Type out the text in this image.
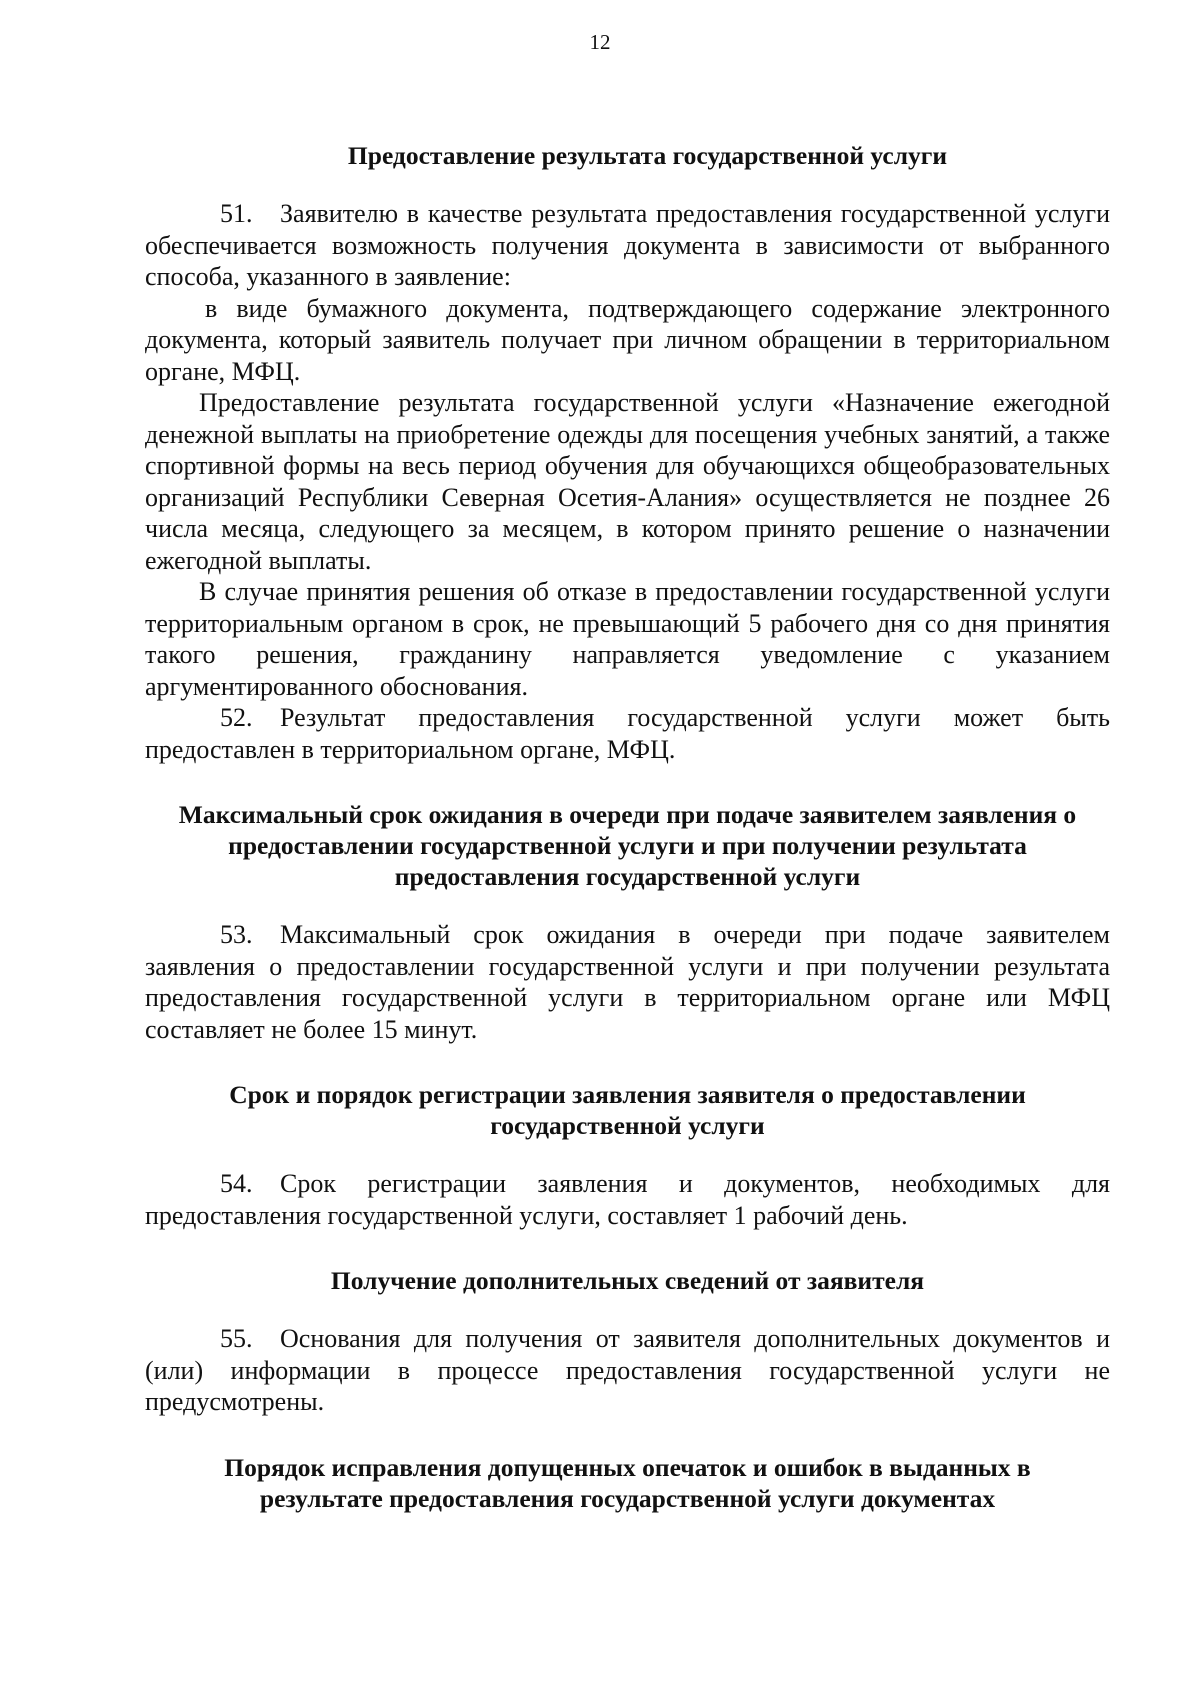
12
Предоставление результата государственной услуги

51. Заявителю в качестве результата предоставления государственной услуги обеспечивается возможность получения документа в зависимости от выбранного способа, указанного в заявление:

в виде бумажного документа, подтверждающего содержание электронного документа, который заявитель получает при личном обращении в территориальном органе, МФЦ.

Предоставление результата государственной услуги «Назначение ежегодной денежной выплаты на приобретение одежды для посещения учебных занятий, а также спортивной формы на весь период обучения для обучающихся общеобразовательных организаций Республики Северная Осетия-Алания» осуществляется не позднее 26 числа месяца, следующего за месяцем, в котором принято решение о назначении ежегодной выплаты.

В случае принятия решения об отказе в предоставлении государственной услуги территориальным органом в срок, не превышающий 5 рабочего дня со дня принятия такого решения, гражданину направляется уведомление с указанием аргументированного обоснования.

52. Результат предоставления государственной услуги может быть предоставлен в территориальном органе, МФЦ.

Максимальный срок ожидания в очереди при подаче заявителем заявления о предоставлении государственной услуги и при получении результата предоставления государственной услуги

53. Максимальный срок ожидания в очереди при подаче заявителем заявления о предоставлении государственной услуги и при получении результата предоставления государственной услуги в территориальном органе или МФЦ составляет не более 15 минут.

Срок и порядок регистрации заявления заявителя о предоставлении государственной услуги

54. Срок регистрации заявления и документов, необходимых для предоставления государственной услуги, составляет 1 рабочий день.

Получение дополнительных сведений от заявителя

55. Основания для получения от заявителя дополнительных документов и (или) информации в процессе предоставления государственной услуги не предусмотрены.

Порядок исправления допущенных опечаток и ошибок в выданных в результате предоставления государственной услуги документах
